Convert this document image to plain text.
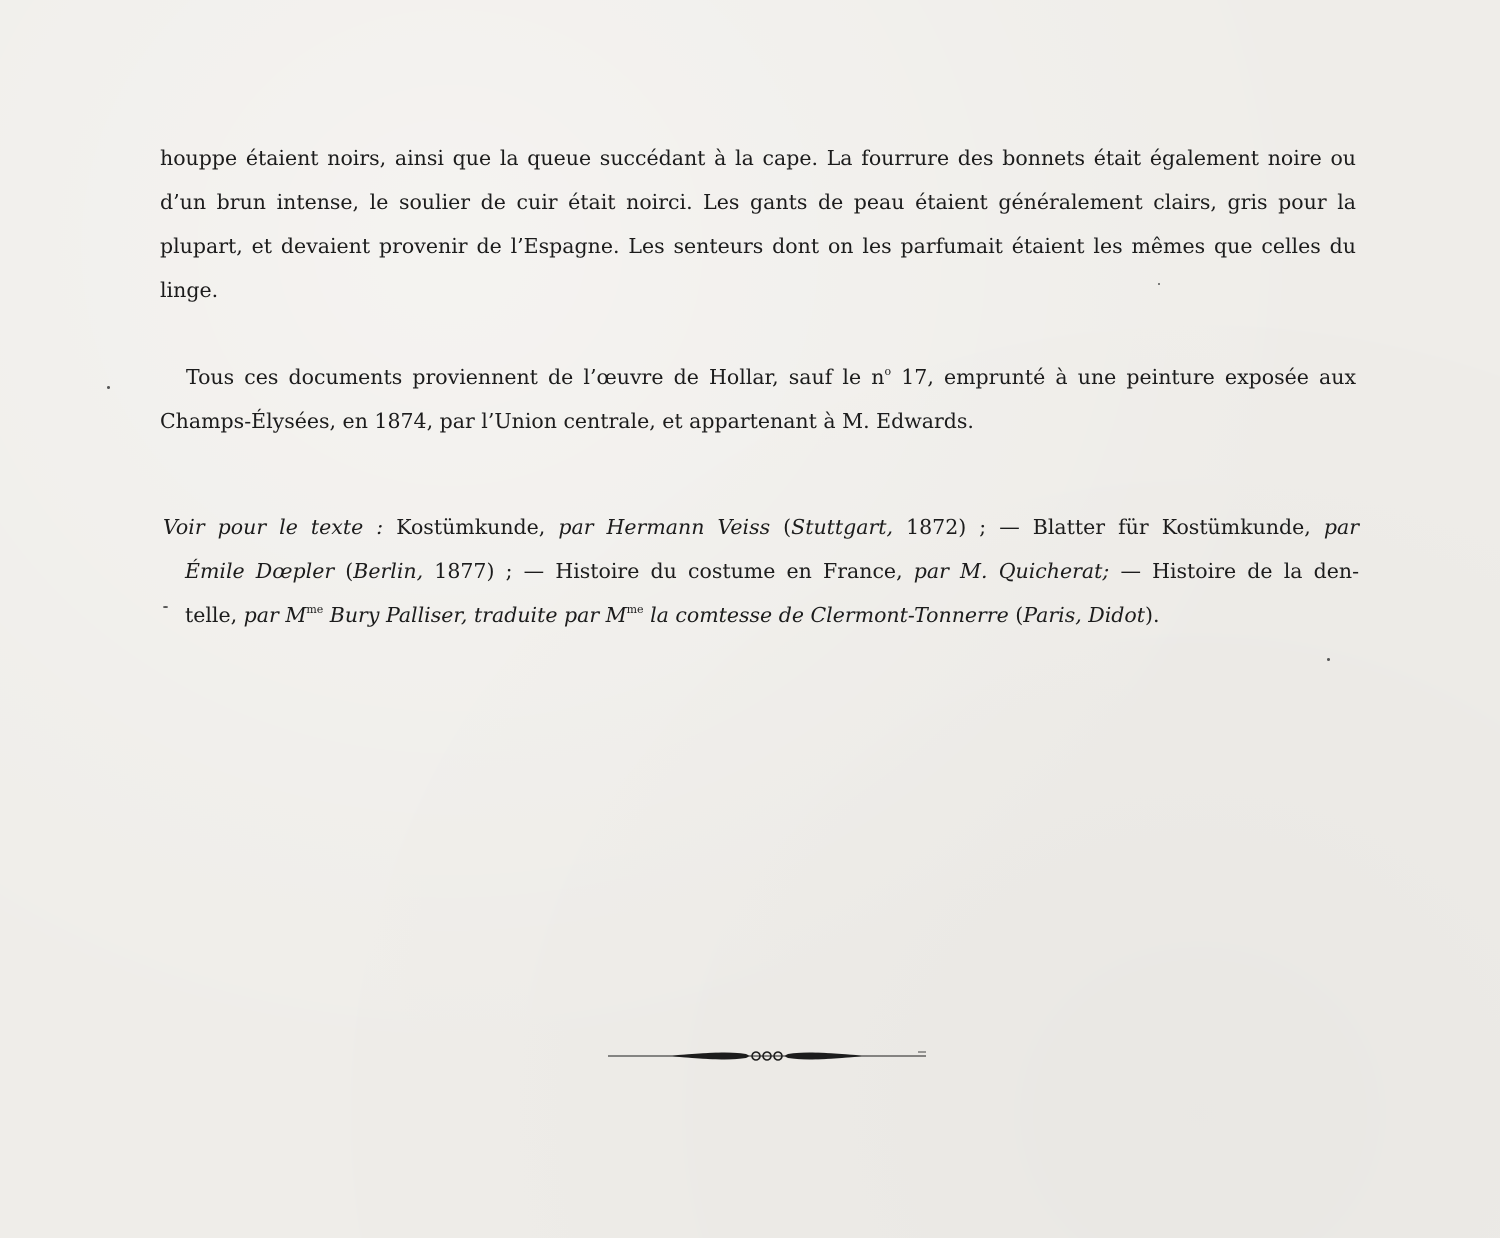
houppe étaient noirs, ainsi que la queue succédant à la cape. La fourrure des bonnets était également noire ou d’un brun intense, le soulier de cuir était noirci. Les gants de peau étaient généralement clairs, gris pour la plupart, et devaient provenir de l’Espagne. Les senteurs dont on les parfumait étaient les mêmes que celles du linge.

Tous ces documents proviennent de l’œuvre de Hollar, sauf le $n^o$ 17, emprunté à une peinture exposée aux Champs-Élysées, en 1874, par l’Union centrale, et appartenant à M. Edwards.

Voir pour le texte : Kostümkunde, par Hermann Veiss (Stuttgart, 1872) ; — Blatter für Kostümkunde, par
Émile Dœpler (Berlin, 1877) ; — Histoire du costume en France, par M. Quicherat; — Histoire de la den-
telle, par $M^{me}$ Bury Palliser, traduite par $M^{me}$ la comtesse de Clermont-Tonnerre (Paris, Didot).
